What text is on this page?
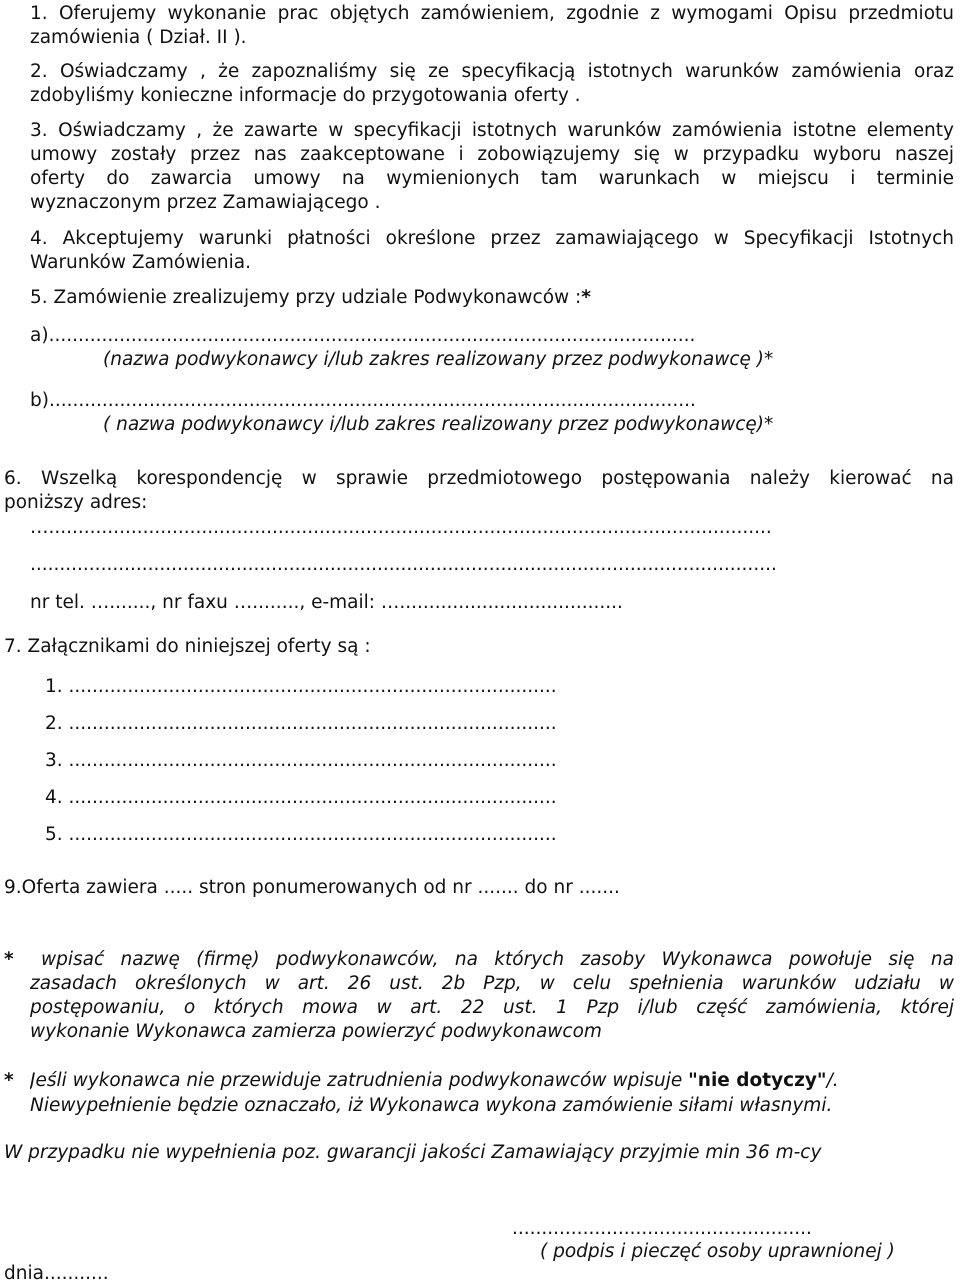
1. Oferujemy wykonanie prac objętych zamówieniem, zgodnie z wymogami Opisu przedmiotu
zamówienia ( Dział. II ).
2. Oświadczamy , że zapoznaliśmy się ze specyfikacją istotnych warunków zamówienia oraz
zdobyliśmy konieczne informacje do przygotowania oferty .
3. Oświadczamy , że zawarte w specyfikacji istotnych warunków zamówienia istotne elementy
umowy zostały przez nas zaakceptowane i zobowiązujemy się w przypadku wyboru naszej
oferty do zawarcia umowy na wymienionych tam warunkach w miejscu i terminie
wyznaczonym przez Zamawiającego .
4. Akceptujemy warunki płatności określone przez zamawiającego w Specyfikacji Istotnych
Warunków Zamówienia.
5. Zamówienie zrealizujemy przy udziale Podwykonawców :*
a)..............................................................................................................
(nazwa podwykonawcy i/lub zakres realizowany przez podwykonawcę )*
b)..............................................................................................................
( nazwa podwykonawcy i/lub zakres realizowany przez podwykonawcę)*
6. Wszelką korespondencję w sprawie przedmiotowego postępowania należy kierować na
poniższy adres:
…...........................................................................................................................
...............................................................................................................................
nr tel. …......., nr faxu …........, e-mail: …......................................
7. Załącznikami do niniejszej oferty są :
1. ...................................................................................
2. ...................................................................................
3. ...................................................................................
4. ...................................................................................
5. ...................................................................................
9.Oferta zawiera ..... stron ponumerowanych od nr ....... do nr .......
*	wpisać nazwę (firmę) podwykonawców, na których zasoby Wykonawca powołuje się na
zasadach określonych w art. 26 ust. 2b Pzp, w celu spełnienia warunków udziału w
postępowaniu, o których mowa w art. 22 ust. 1 Pzp i/lub część zamówienia, której
wykonanie Wykonawca zamierza powierzyć podwykonawcom
* Jeśli wykonawca nie przewiduje zatrudnienia podwykonawców wpisuje "nie dotyczy"/.
Niewypełnienie będzie oznaczało, iż Wykonawca wykona zamówienie siłami własnymi.
W przypadku nie wypełnienia poz. gwarancji jakości Zamawiający przyjmie min 36 m-cy
...................................................
( podpis i pieczęć osoby uprawnionej )
dnia...........
